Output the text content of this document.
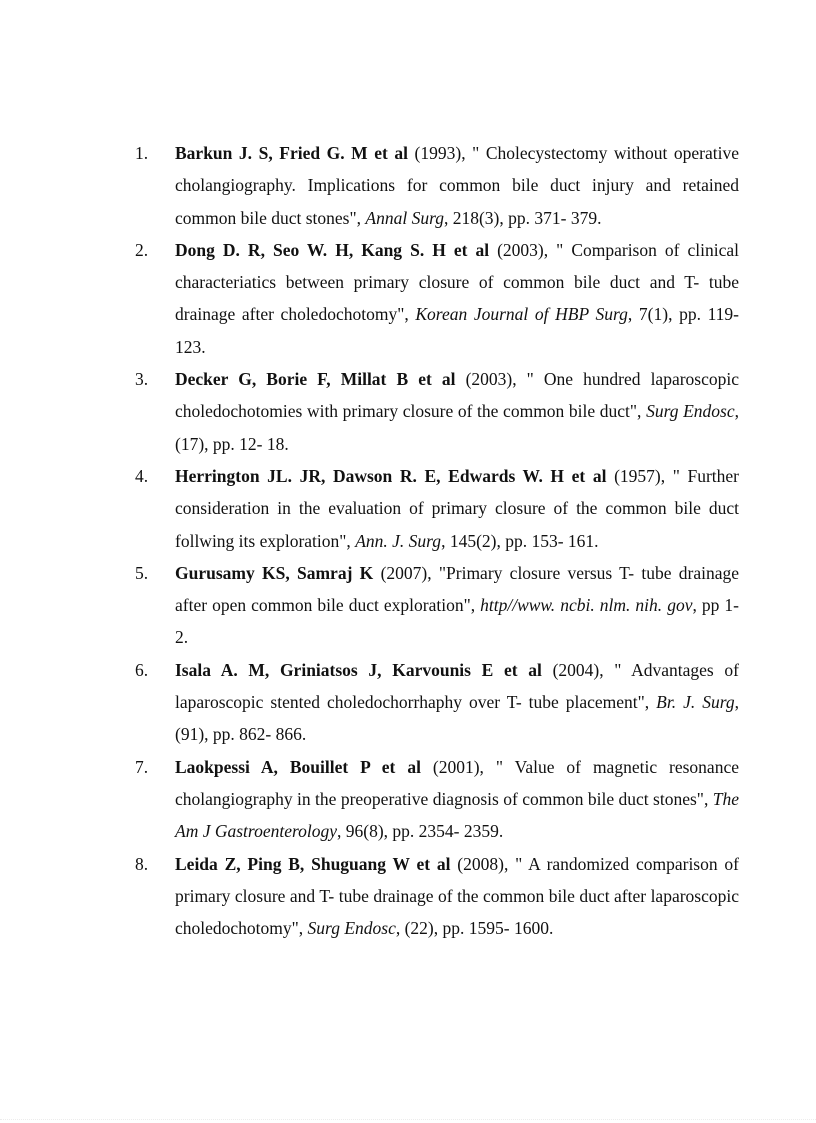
1. Barkun J. S, Fried G. M et al (1993), " Cholecystectomy without operative cholangiography. Implications for common bile duct injury and retained common bile duct stones", Annal Surg, 218(3), pp. 371- 379.
2. Dong D. R, Seo W. H, Kang S. H et al (2003), " Comparison of clinical characteriatics between primary closure of common bile duct and T- tube drainage after choledochotomy", Korean Journal of HBP Surg, 7(1), pp. 119- 123.
3. Decker G, Borie F, Millat B et al (2003), " One hundred laparoscopic choledochotomies with primary closure of the common bile duct", Surg Endosc, (17), pp. 12- 18.
4. Herrington JL. JR, Dawson R. E, Edwards W. H et al (1957), " Further consideration in the evaluation of primary closure of the common bile duct follwing its exploration", Ann. J. Surg, 145(2), pp. 153- 161.
5. Gurusamy KS, Samraj K (2007), "Primary closure versus T- tube drainage after open common bile duct exploration", http//www. ncbi. nlm. nih. gov, pp 1- 2.
6. Isala A. M, Griniatsos J, Karvounis E et al (2004), " Advantages of laparoscopic stented choledochorrhaphy over T- tube placement", Br. J. Surg, (91), pp. 862- 866.
7. Laokpessi A, Bouillet P et al (2001), " Value of magnetic resonance cholangiography in the preoperative diagnosis of common bile duct stones", The Am J Gastroenterology, 96(8), pp. 2354- 2359.
8. Leida Z, Ping B, Shuguang W et al (2008), " A randomized comparison of primary closure and T- tube drainage of the common bile duct after laparoscopic choledochotomy", Surg Endosc, (22), pp. 1595- 1600.
